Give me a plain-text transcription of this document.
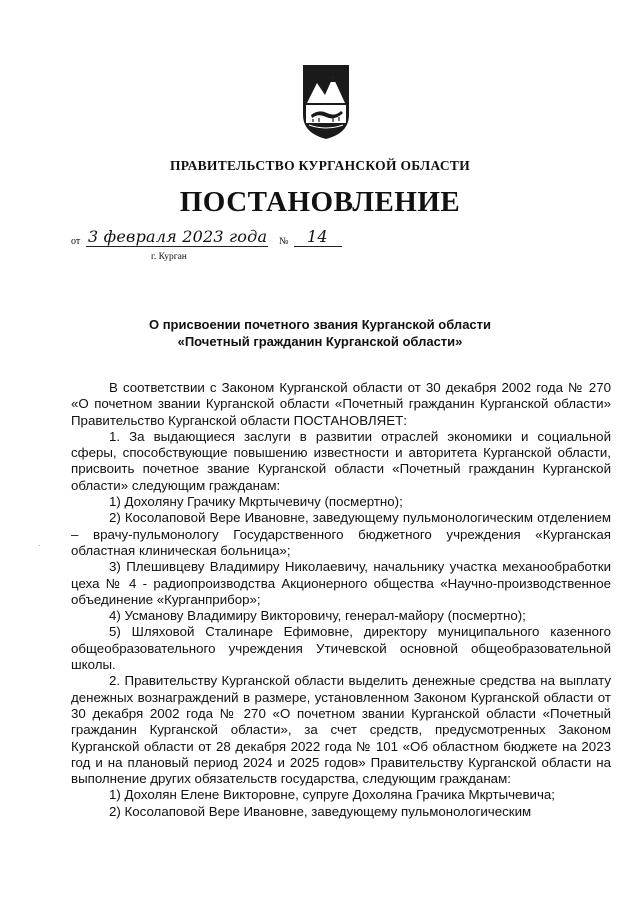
ПРАВИТЕЛЬСТВО КУРГАНСКОЙ ОБЛАСТИ
ПОСТАНОВЛЕНИЕ
от 3 февраля 2023 года № 14
г. Курган
О присвоении почетного звания Курганской области
«Почетный гражданин Курганской области»
.

В соответствии с Законом Курганской области от 30 декабря 2002 года № 270 «О почетном звании Курганской области «Почетный гражданин Курганской области» Правительство Курганской области ПОСТАНОВЛЯЕТ:

1. За выдающиеся заслуги в развитии отраслей экономики и социальной сферы, способствующие повышению известности и авторитета Курганской области, присвоить почетное звание Курганской области «Почетный гражданин Курганской области» следующим гражданам:

1) Дохоляну Грачику Мкртычевичу (посмертно);

2) Косолаповой Вере Ивановне, заведующему пульмонологическим отделением – врачу-пульмонологу Государственного бюджетного учреждения «Курганская областная клиническая больница»;

3) Плешивцеву Владимиру Николаевичу, начальнику участка механообработки цеха № 4 - радиопроизводства Акционерного общества «Научно-производственное объединение «Курганприбор»;

4) Усманову Владимиру Викторовичу, генерал-майору (посмертно);

5) Шляховой Сталинаре Ефимовне, директору муниципального казенного общеобразовательного учреждения Утичевской основной общеобразовательной школы.

2. Правительству Курганской области выделить денежные средства на выплату денежных вознаграждений в размере, установленном Законом Курганской области от 30 декабря 2002 года № 270 «О почетном звании Курганской области «Почетный гражданин Курганской области», за счет средств, предусмотренных Законом Курганской области от 28 декабря 2022 года № 101 «Об областном бюджете на 2023 год и на плановый период 2024 и 2025 годов» Правительству Курганской области на выполнение других обязательств государства, следующим гражданам:

1) Дохолян Елене Викторовне, супруге Дохоляна Грачика Мкртычевича;

2) Косолаповой Вере Ивановне, заведующему пульмонологическим
